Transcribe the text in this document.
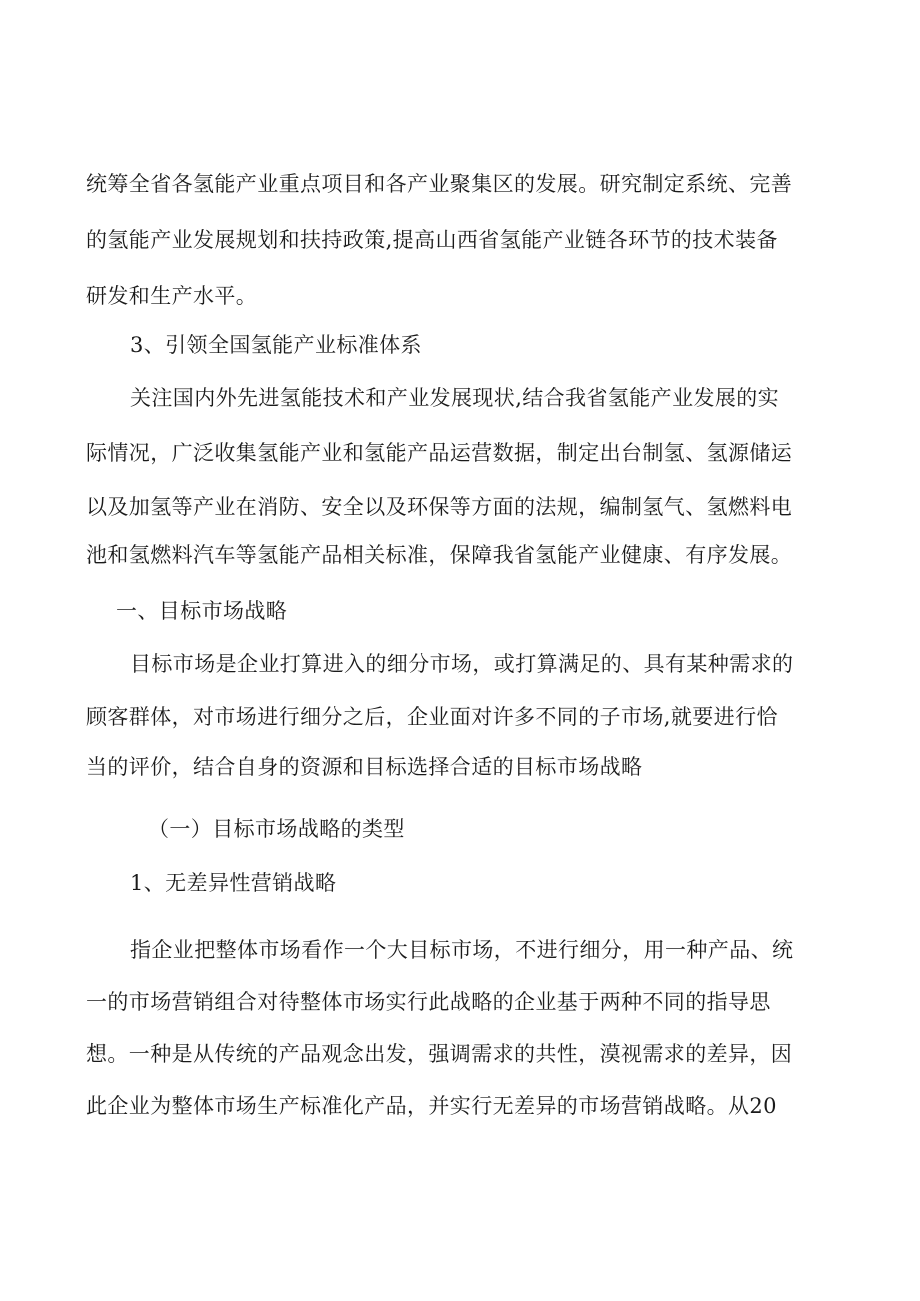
统筹全省各氢能产业重点项目和各产业聚集区的发展。研究制定系统、完善
的氢能产业发展规划和扶持政策,提高山西省氢能产业链各环节的技术装备
研发和生产水平。
3、引领全国氢能产业标准体系
关注国内外先进氢能技术和产业发展现状,结合我省氢能产业发展的实
际情况，广泛收集氢能产业和氢能产品运营数据，制定出台制氢、氢源储运
以及加氢等产业在消防、安全以及环保等方面的法规，编制氢气、氢燃料电
池和氢燃料汽车等氢能产品相关标准，保障我省氢能产业健康、有序发展。
一、目标市场战略
目标市场是企业打算进入的细分市场，或打算满足的、具有某种需求的
顾客群体，对市场进行细分之后，企业面对许多不同的子市场,就要进行恰
当的评价，结合自身的资源和目标选择合适的目标市场战略
（一）目标市场战略的类型
1、无差异性营销战略
指企业把整体市场看作一个大目标市场，不进行细分，用一种产品、统
一的市场营销组合对待整体市场实行此战略的企业基于两种不同的指导思
想。一种是从传统的产品观念出发，强调需求的共性，漠视需求的差异，因
此企业为整体市场生产标准化产品，并实行无差异的市场营销战略。从20
